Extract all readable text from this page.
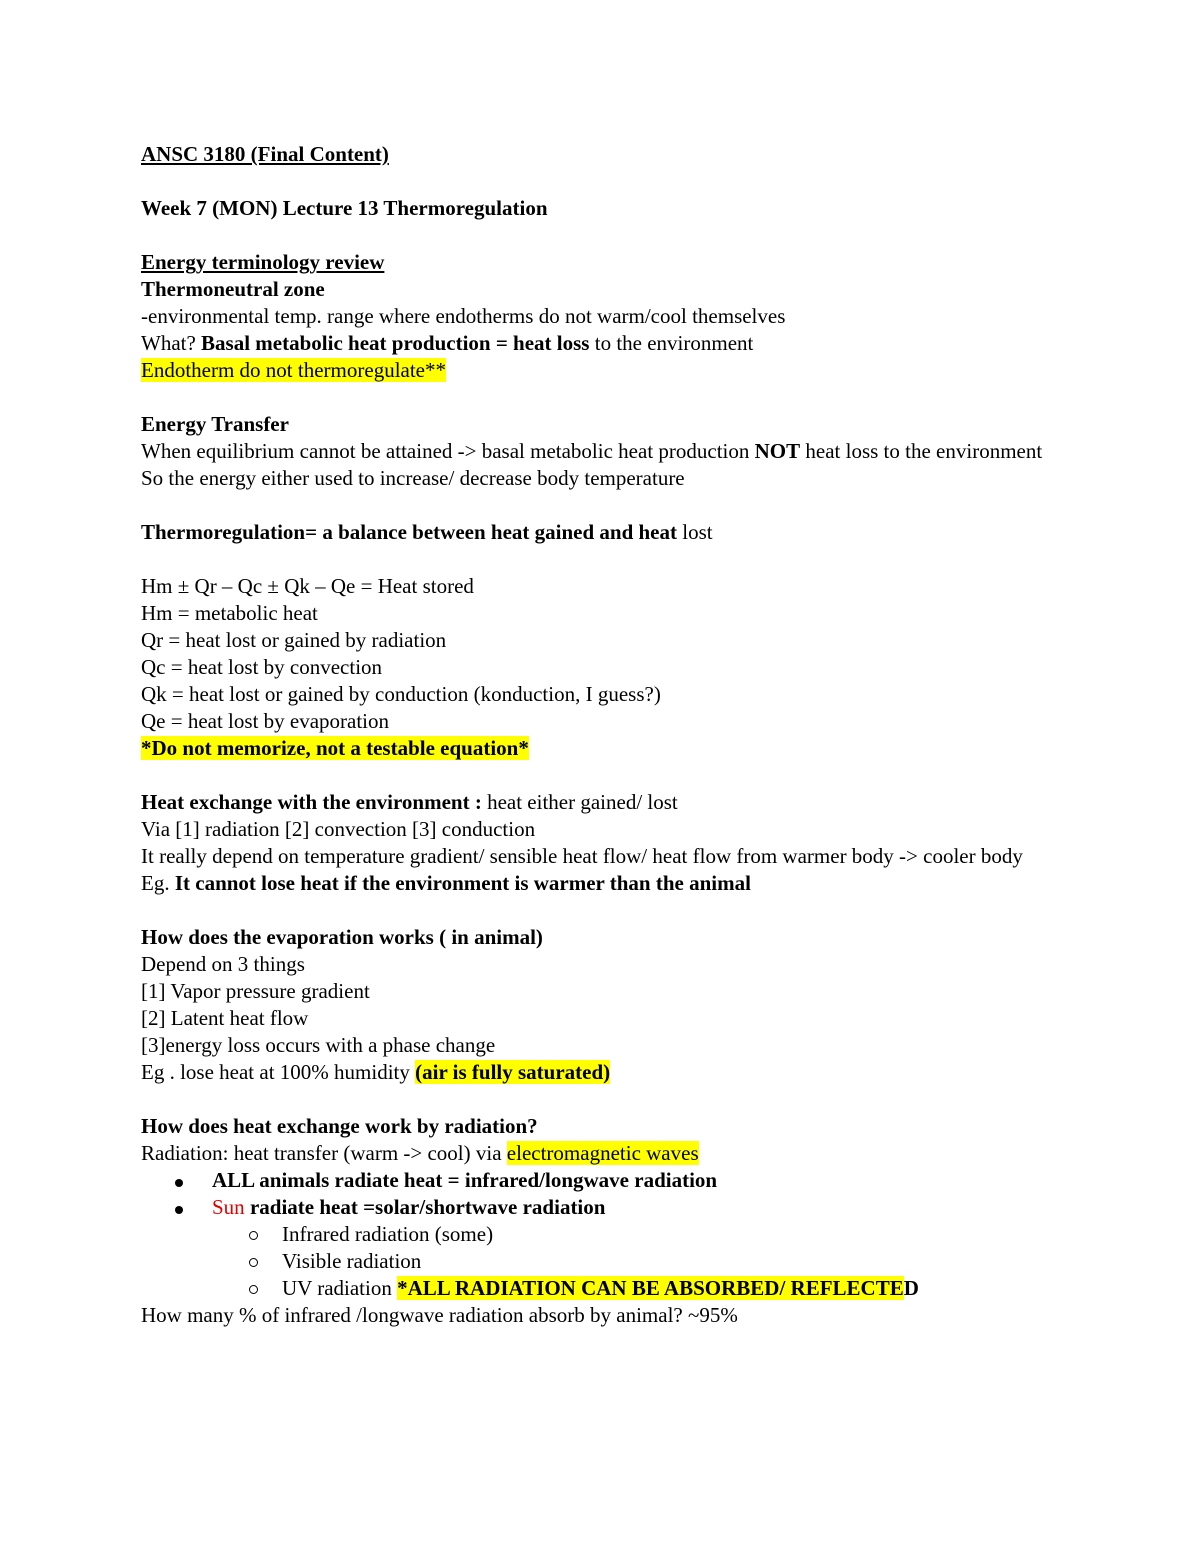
ANSC 3180 (Final Content)
Week 7 (MON) Lecture 13 Thermoregulation
Energy terminology review
Thermoneutral zone
-environmental temp. range where endotherms do not warm/cool themselves
What? Basal metabolic heat production = heat loss to the environment
Endotherm do not thermoregulate**
Energy Transfer
When equilibrium cannot be attained -> basal metabolic heat production NOT heat loss to the environment
So the energy either used to increase/ decrease body temperature
Thermoregulation= a balance between heat gained and heat lost
Hm ± Qr – Qc ± Qk – Qe = Heat stored
Hm = metabolic heat
Qr = heat lost or gained by radiation
Qc = heat lost by convection
Qk = heat lost or gained by conduction (konduction, I guess?)
Qe = heat lost by evaporation
*Do not memorize, not a testable equation*
Heat exchange with the environment : heat either gained/ lost
Via [1] radiation [2] convection [3] conduction
It really depend on temperature gradient/ sensible heat flow/ heat flow from warmer body -> cooler body
Eg. It cannot lose heat if the environment is warmer than the animal
How does the evaporation works ( in animal)
Depend on 3 things
[1] Vapor pressure gradient
[2] Latent heat flow
[3]energy loss occurs with a phase change
Eg . lose heat at 100% humidity (air is fully saturated)
How does heat exchange work by radiation?
Radiation: heat transfer (warm -> cool) via electromagnetic waves
ALL animals radiate heat = infrared/longwave radiation
Sun radiate heat =solar/shortwave radiation
Infrared radiation (some)
Visible radiation
UV radiation *ALL RADIATION CAN BE ABSORBED/ REFLECTED
How many % of infrared /longwave radiation absorb by animal? ~95%
